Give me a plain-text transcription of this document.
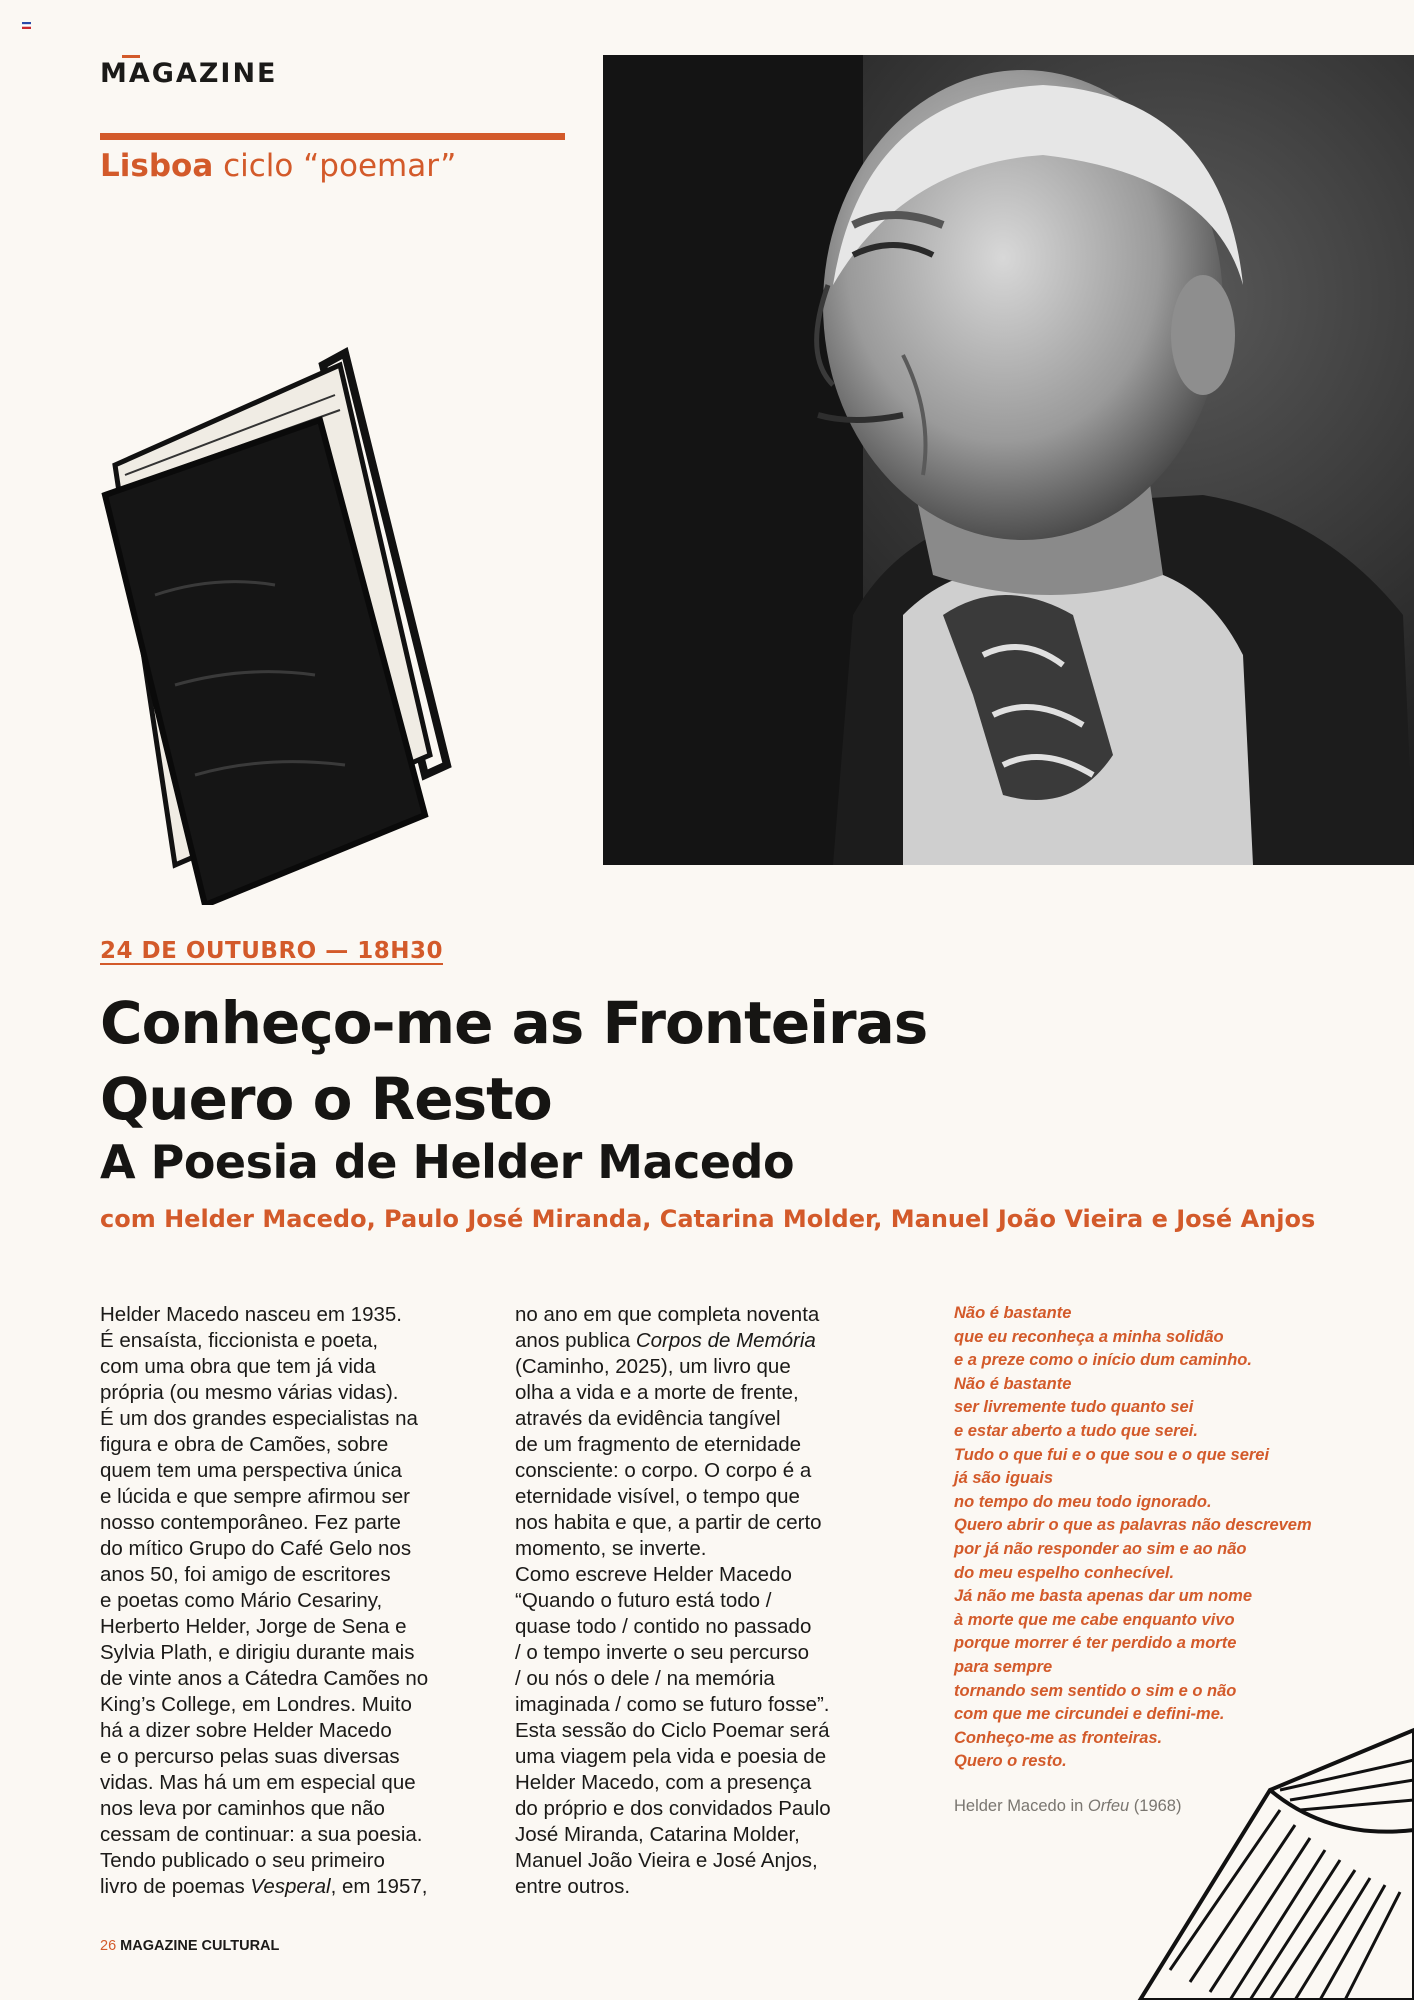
MAGAZINE
Lisboa ciclo “poemar”
24 DE OUTUBRO — 18H30
Conheço-me as Fronteiras
Quero o Resto
A Poesia de Helder Macedo
com Helder Macedo, Paulo José Miranda, Catarina Molder, Manuel João Vieira e José Anjos
Helder Macedo nasceu em 1935.
É ensaísta, ficcionista e poeta,
com uma obra que tem já vida
própria (ou mesmo várias vidas).
É um dos grandes especialistas na
figura e obra de Camões, sobre
quem tem uma perspectiva única
e lúcida e que sempre afirmou ser
nosso contemporâneo. Fez parte
do mítico Grupo do Café Gelo nos
anos 50, foi amigo de escritores
e poetas como Mário Cesariny,
Herberto Helder, Jorge de Sena e
Sylvia Plath, e dirigiu durante mais
de vinte anos a Cátedra Camões no
King’s College, em Londres. Muito
há a dizer sobre Helder Macedo
e o percurso pelas suas diversas
vidas. Mas há um em especial que
nos leva por caminhos que não
cessam de continuar: a sua poesia.
Tendo publicado o seu primeiro
livro de poemas Vesperal, em 1957,
no ano em que completa noventa
anos publica Corpos de Memória
(Caminho, 2025), um livro que
olha a vida e a morte de frente,
através da evidência tangível
de um fragmento de eternidade
consciente: o corpo. O corpo é a
eternidade visível, o tempo que
nos habita e que, a partir de certo
momento, se inverte.
Como escreve Helder Macedo
“Quando o futuro está todo /
quase todo / contido no passado
/ o tempo inverte o seu percurso
/ ou nós o dele / na memória
imaginada / como se futuro fosse”.
Esta sessão do Ciclo Poemar será
uma viagem pela vida e poesia de
Helder Macedo, com a presença
do próprio e dos convidados Paulo
José Miranda, Catarina Molder,
Manuel João Vieira e José Anjos,
entre outros.
Não é bastante
que eu reconheça a minha solidão
e a preze como o início dum caminho.
Não é bastante
ser livremente tudo quanto sei
e estar aberto a tudo que serei.
Tudo o que fui e o que sou e o que serei
já são iguais
no tempo do meu todo ignorado.
Quero abrir o que as palavras não descrevem
por já não responder ao sim e ao não
do meu espelho conhecível.
Já não me basta apenas dar um nome
à morte que me cabe enquanto vivo
porque morrer é ter perdido a morte
para sempre
tornando sem sentido o sim e o não
com que me circundei e defini-me.
Conheço-me as fronteiras.
Quero o resto.
Helder Macedo in Orfeu (1968)
26 MAGAZINE CULTURAL
